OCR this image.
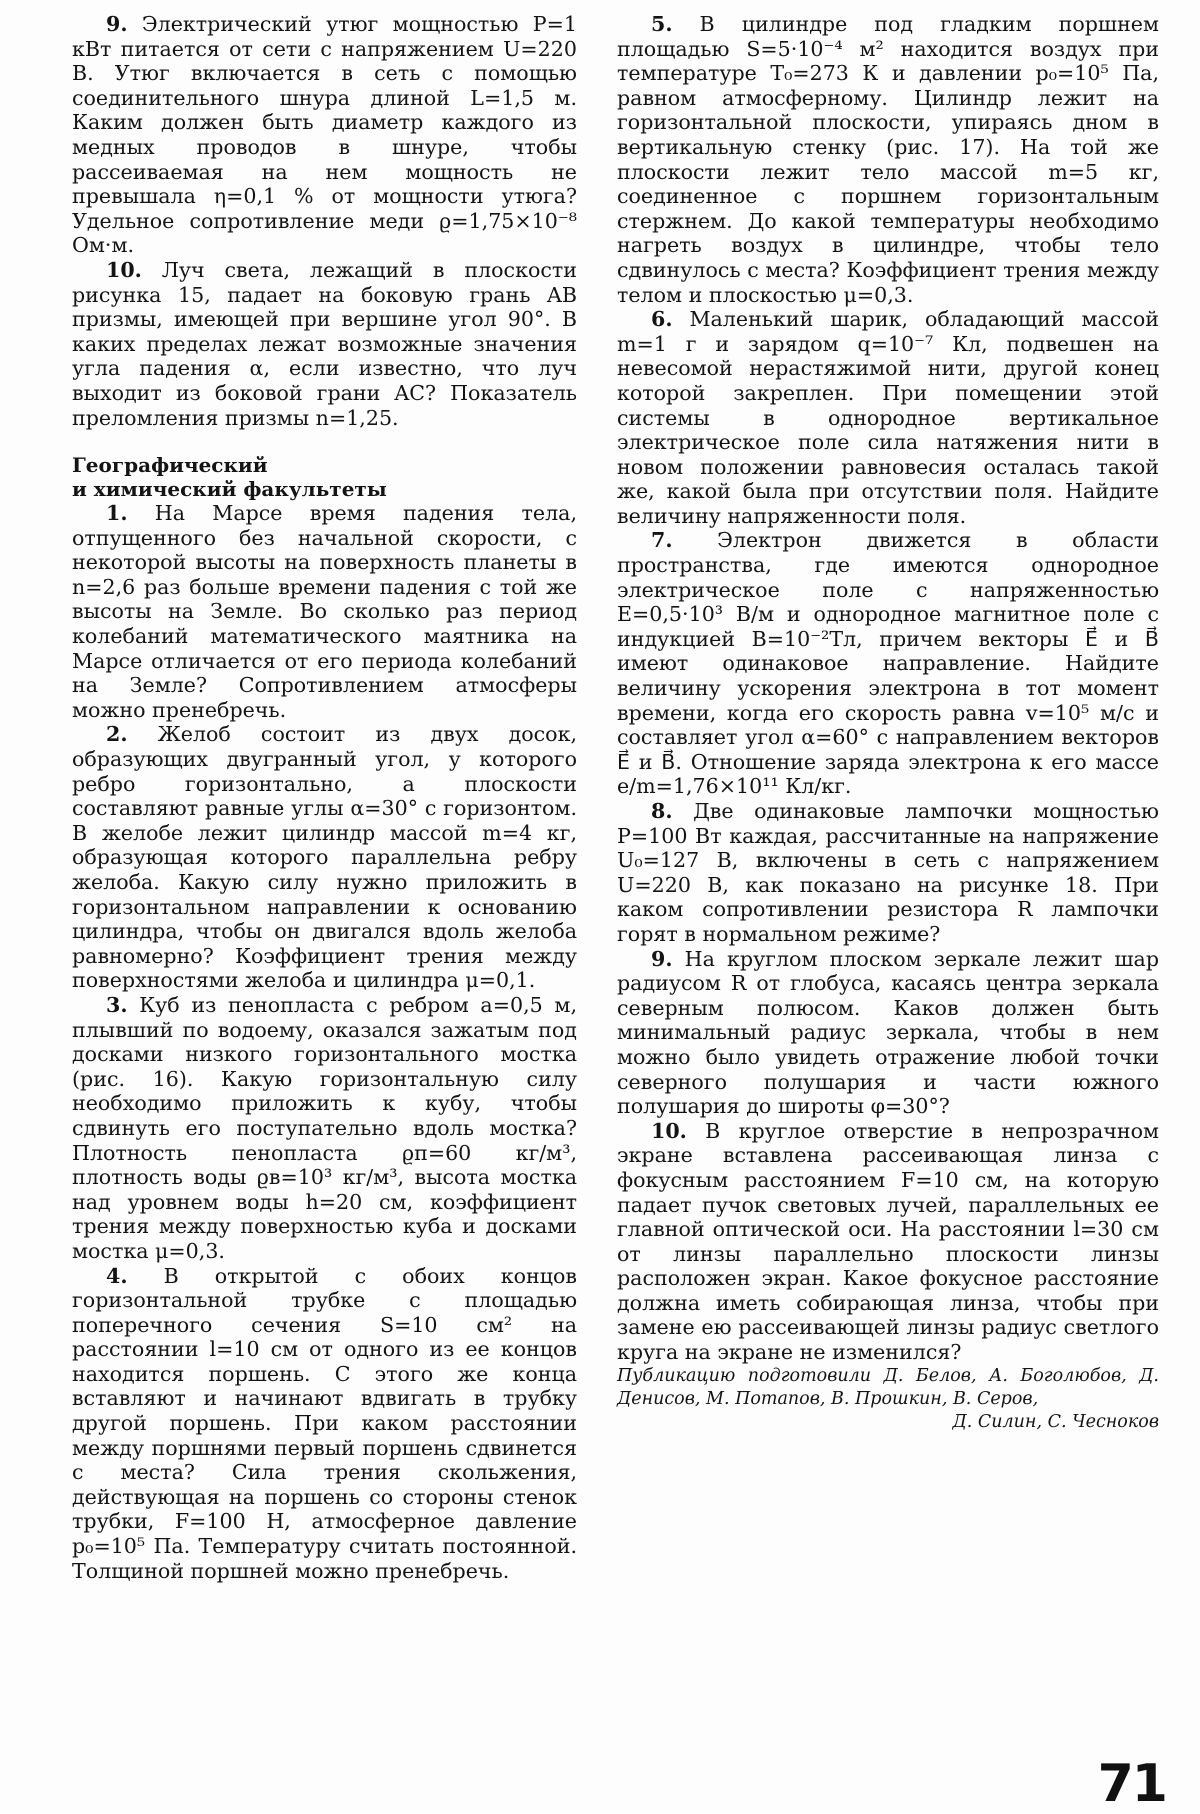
9. Электрический утюг мощностью P=1 кВт питается от сети с напряжением U=220 В. Утюг включается в сеть с помощью соединительного шнура длиной L=1,5 м. Каким должен быть диаметр каждого из медных проводов в шнуре, чтобы рассеиваемая на нем мощность не превышала η=0,1 % от мощности утюга? Удельное сопротивление меди ϱ=1,75×10⁻⁸ Ом·м.

10. Луч света, лежащий в плоскости рисунка 15, падает на боковую грань AB призмы, имеющей при вершине угол 90°. В каких пределах лежат возможные значения угла падения α, если известно, что луч выходит из боковой грани AC? Показатель преломления призмы n=1,25.

Географический
и химический факультеты

1. На Марсе время падения тела, отпущенного без начальной скорости, с некоторой высоты на поверхность планеты в n=2,6 раз больше времени падения с той же высоты на Земле. Во сколько раз период колебаний математического маятника на Марсе отличается от его периода колебаний на Земле? Сопротивлением атмосферы можно пренебречь.

2. Желоб состоит из двух досок, образующих двугранный угол, у которого ребро горизонтально, а плоскости составляют равные углы α=30° с горизонтом. В желобе лежит цилиндр массой m=4 кг, образующая которого параллельна ребру желоба. Какую силу нужно приложить в горизонтальном направлении к основанию цилиндра, чтобы он двигался вдоль желоба равномерно? Коэффициент трения между поверхностями желоба и цилиндра μ=0,1.

3. Куб из пенопласта с ребром a=0,5 м, плывший по водоему, оказался зажатым под досками низкого горизонтального мостка (рис. 16). Какую горизонтальную силу необходимо приложить к кубу, чтобы сдвинуть его поступательно вдоль мостка? Плотность пенопласта ϱп=60 кг/м³, плотность воды ϱв=10³ кг/м³, высота мостка над уровнем воды h=20 см, коэффициент трения между поверхностью куба и досками мостка μ=0,3.

4. В открытой с обоих концов горизонтальной трубке с площадью поперечного сечения S=10 см² на расстоянии l=10 см от одного из ее концов находится поршень. С этого же конца вставляют и начинают вдвигать в трубку другой поршень. При каком расстоянии между поршнями первый поршень сдвинется с места? Сила трения скольжения, действующая на поршень со стороны стенок трубки, F=100 Н, атмосферное давление p₀=10⁵ Па. Температуру считать постоянной. Толщиной поршней можно пренебречь.

5. В цилиндре под гладким поршнем площадью S=5·10⁻⁴ м² находится воздух при температуре T₀=273 К и давлении p₀=10⁵ Па, равном атмосферному. Цилиндр лежит на горизонтальной плоскости, упираясь дном в вертикальную стенку (рис. 17). На той же плоскости лежит тело массой m=5 кг, соединенное с поршнем горизонтальным стержнем. До какой температуры необходимо нагреть воздух в цилиндре, чтобы тело сдвинулось с места? Коэффициент трения между телом и плоскостью μ=0,3.

6. Маленький шарик, обладающий массой m=1 г и зарядом q=10⁻⁷ Кл, подвешен на невесомой нерастяжимой нити, другой конец которой закреплен. При помещении этой системы в однородное вертикальное электрическое поле сила натяжения нити в новом положении равновесия осталась такой же, какой была при отсутствии поля. Найдите величину напряженности поля.

7. Электрон движется в области пространства, где имеются однородное электрическое поле с напряженностью E=0,5·10³ В/м и однородное магнитное поле с индукцией B=10⁻²Тл, причем векторы E⃗ и B⃗ имеют одинаковое направление. Найдите величину ускорения электрона в тот момент времени, когда его скорость равна v=10⁵ м/с и составляет угол α=60° с направлением векторов E⃗ и B⃗. Отношение заряда электрона к его массе e/m=1,76×10¹¹ Кл/кг.

8. Две одинаковые лампочки мощностью P=100 Вт каждая, рассчитанные на напряжение U₀=127 В, включены в сеть с напряжением U=220 В, как показано на рисунке 18. При каком сопротивлении резистора R лампочки горят в нормальном режиме?

9. На круглом плоском зеркале лежит шар радиусом R от глобуса, касаясь центра зеркала северным полюсом. Каков должен быть минимальный радиус зеркала, чтобы в нем можно было увидеть отражение любой точки северного полушария и части южного полушария до широты φ=30°?

10. В круглое отверстие в непрозрачном экране вставлена рассеивающая линза с фокусным расстоянием F=10 см, на которую падает пучок световых лучей, параллельных ее главной оптической оси. На расстоянии l=30 см от линзы параллельно плоскости линзы расположен экран. Какое фокусное расстояние должна иметь собирающая линза, чтобы при замене ею рассеивающей линзы радиус светлого круга на экране не изменился?

Публикацию подготовили Д. Белов, А. Боголюбов, Д. Денисов, М. Потапов, В. Прошкин, В. Серов,
Д. Силин, С. Чесноков

71
